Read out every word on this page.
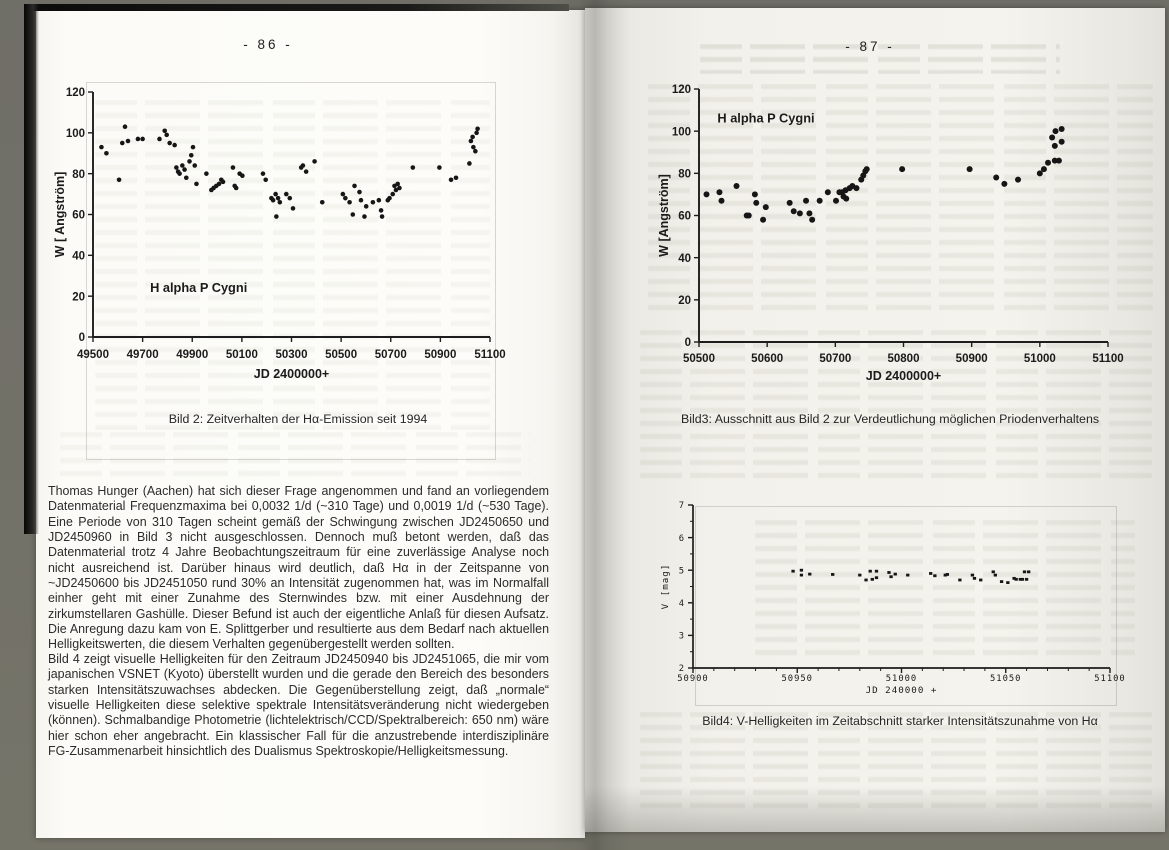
- 86 -
49500 49700 49900 50100 50300 50500 50700 50900 51100
0
20
40
60
80
100
120
JD 2400000+
W [ Angström]
H alpha P Cygni
Bild 2: Zeitverhalten der Hα-Emission seit 1994
Thomas Hunger (Aachen) hat sich dieser Frage angenommen und fand an vorliegendem Datenmaterial Frequenzmaxima bei 0,0032 1/d (~310 Tage) und 0,0019 1/d (~530 Tage). Eine Periode von 310 Tagen scheint gemäß der Schwingung zwischen JD2450650 und JD2450960 in Bild 3 nicht ausgeschlossen. Dennoch muß betont werden, daß das Datenmaterial trotz 4 Jahre Beobachtungszeitraum für eine zuverlässige Analyse noch nicht ausreichend ist. Darüber hinaus wird deutlich, daß Hα in der Zeitspanne von ~JD2450600 bis JD2451050 rund 30% an Intensität zugenommen hat, was im Normalfall einher geht mit einer Zunahme des Sternwindes bzw. mit einer Ausdehnung der zirkumstellaren Gashülle. Dieser Befund ist auch der eigentliche Anlaß für diesen Aufsatz. Die Anregung dazu kam von E. Splittgerber und resultierte aus dem Bedarf nach aktuellen Helligkeitswerten, die diesem Verhalten gegenübergestellt werden sollten.
Bild 4 zeigt visuelle Helligkeiten für den Zeitraum JD2450940 bis JD2451065, die mir vom japanischen VSNET (Kyoto) überstellt wurden und die gerade den Bereich des besonders starken Intensitätszuwachses abdecken. Die Gegenüberstellung zeigt, daß „normale“ visuelle Helligkeiten diese selektive spektrale Intensitätsveränderung nicht wiedergeben (können). Schmalbandige Photometrie (lichtelektrisch/CCD/Spektralbereich: 650 nm) wäre hier schon eher angebracht. Ein klassischer Fall für die anzustrebende interdisziplinäre FG-Zusammenarbeit hinsichtlich des Dualismus Spektroskopie/Helligkeitsmessung.
- 87 -
50500	50600	50700	50800	50900	51000	51100
0
20
40
60
80
100
120
JD 2400000+
W [Angström]
H alpha P Cygni
Bild3: Ausschnitt aus Bild 2 zur Verdeutlichung möglichen Priodenverhaltens
50900	50950	51000	51050	51100
2
3
4
5
6
7
JD 240000 +
V [mag]
Bild4: V-Helligkeiten im Zeitabschnitt starker Intensitätszunahme von Hα
